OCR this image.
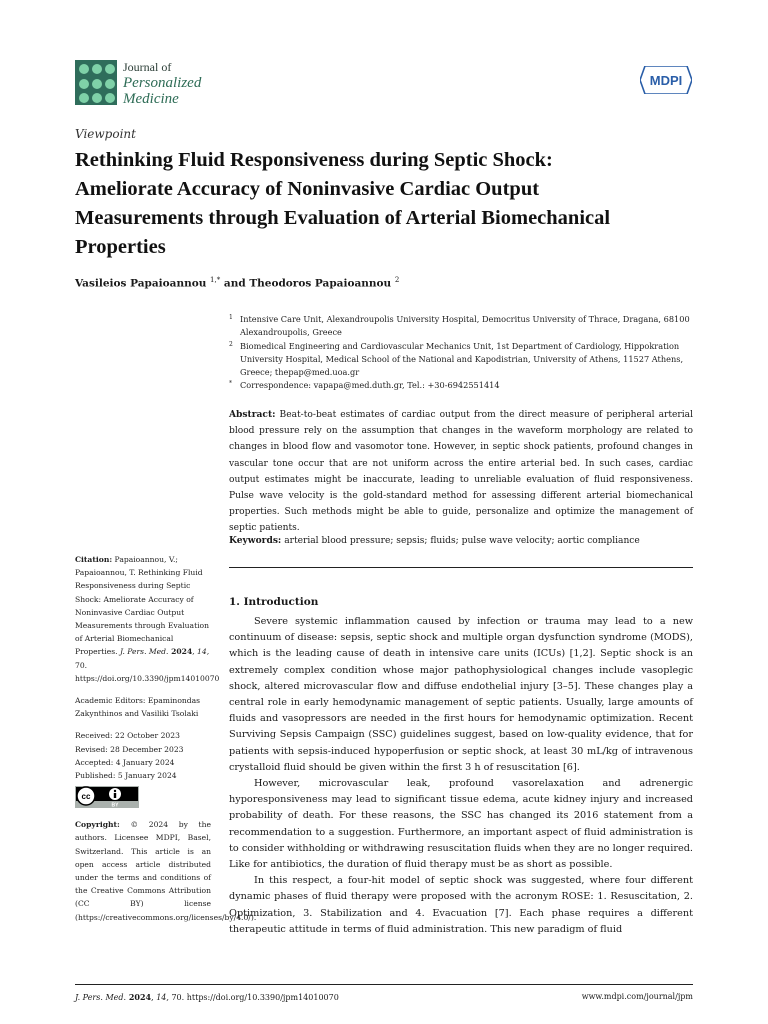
Journal of
Personalized
Medicine
MDPI
Viewpoint
Rethinking Fluid Responsiveness during Septic Shock: Ameliorate Accuracy of Noninvasive Cardiac Output Measurements through Evaluation of Arterial Biomechanical Properties
Vasileios Papaioannou $^{1,*}$ and Theodoros Papaioannou $^2$
1 Intensive Care Unit, Alexandroupolis University Hospital, Democritus University of Thrace, Dragana, 68100 Alexandroupolis, Greece
2 Biomedical Engineering and Cardiovascular Mechanics Unit, 1st Department of Cardiology, Hippokration University Hospital, Medical School of the National and Kapodistrian, University of Athens, 11527 Athens, Greece; thepap@med.uoa.gr
* Correspondence: vapapa@med.duth.gr, Tel.: +30-6942551414
Abstract: Beat-to-beat estimates of cardiac output from the direct measure of peripheral arterial blood pressure rely on the assumption that changes in the waveform morphology are related to changes in blood flow and vasomotor tone. However, in septic shock patients, profound changes in vascular tone occur that are not uniform across the entire arterial bed. In such cases, cardiac output estimates might be inaccurate, leading to unreliable evaluation of fluid responsiveness. Pulse wave velocity is the gold-standard method for assessing different arterial biomechanical properties. Such methods might be able to guide, personalize and optimize the management of septic patients.
Keywords: arterial blood pressure; sepsis; fluids; pulse wave velocity; aortic compliance

Citation: Papaioannou, V.; Papaioannou, T. Rethinking Fluid Responsiveness during Septic Shock: Ameliorate Accuracy of Noninvasive Cardiac Output Measurements through Evaluation of Arterial Biomechanical Properties. J. Pers. Med. 2024, 14, 70. https://doi.org/10.3390/jpm14010070

Academic Editors: Epaminondas Zakynthinos and Vasiliki Tsolaki

Received: 22 October 2023
Revised: 28 December 2023
Accepted: 4 January 2024
Published: 5 January 2024

cc
BY

Copyright: © 2024 by the authors. Licensee MDPI, Basel, Switzerland. This article is an open access article distributed under the terms and conditions of the Creative Commons Attribution (CC BY) license (https://creativecommons.org/licenses/by/4.0/).

1. Introduction

Severe systemic inflammation caused by infection or trauma may lead to a new continuum of disease: sepsis, septic shock and multiple organ dysfunction syndrome (MODS), which is the leading cause of death in intensive care units (ICUs) [1,2]. Septic shock is an extremely complex condition whose major pathophysiological changes include vasoplegic shock, altered microvascular flow and diffuse endothelial injury [3–5]. These changes play a central role in early hemodynamic management of septic patients. Usually, large amounts of fluids and vasopressors are needed in the first hours for hemodynamic optimization. Recent Surviving Sepsis Campaign (SSC) guidelines suggest, based on low-quality evidence, that for patients with sepsis-induced hypoperfusion or septic shock, at least 30 mL/kg of intravenous crystalloid fluid should be given within the first 3 h of resuscitation [6].

However, microvascular leak, profound vasorelaxation and adrenergic hyporesponsiveness may lead to significant tissue edema, acute kidney injury and increased probability of death. For these reasons, the SSC has changed its 2016 statement from a recommendation to a suggestion. Furthermore, an important aspect of fluid administration is to consider withholding or withdrawing resuscitation fluids when they are no longer required. Like for antibiotics, the duration of fluid therapy must be as short as possible.

In this respect, a four-hit model of septic shock was suggested, where four different dynamic phases of fluid therapy were proposed with the acronym ROSE: 1. Resuscitation, 2. Optimization, 3. Stabilization and 4. Evacuation [7]. Each phase requires a different therapeutic attitude in terms of fluid administration. This new paradigm of fluid

J. Pers. Med. 2024, 14, 70. https://doi.org/10.3390/jpm14010070	www.mdpi.com/journal/jpm
